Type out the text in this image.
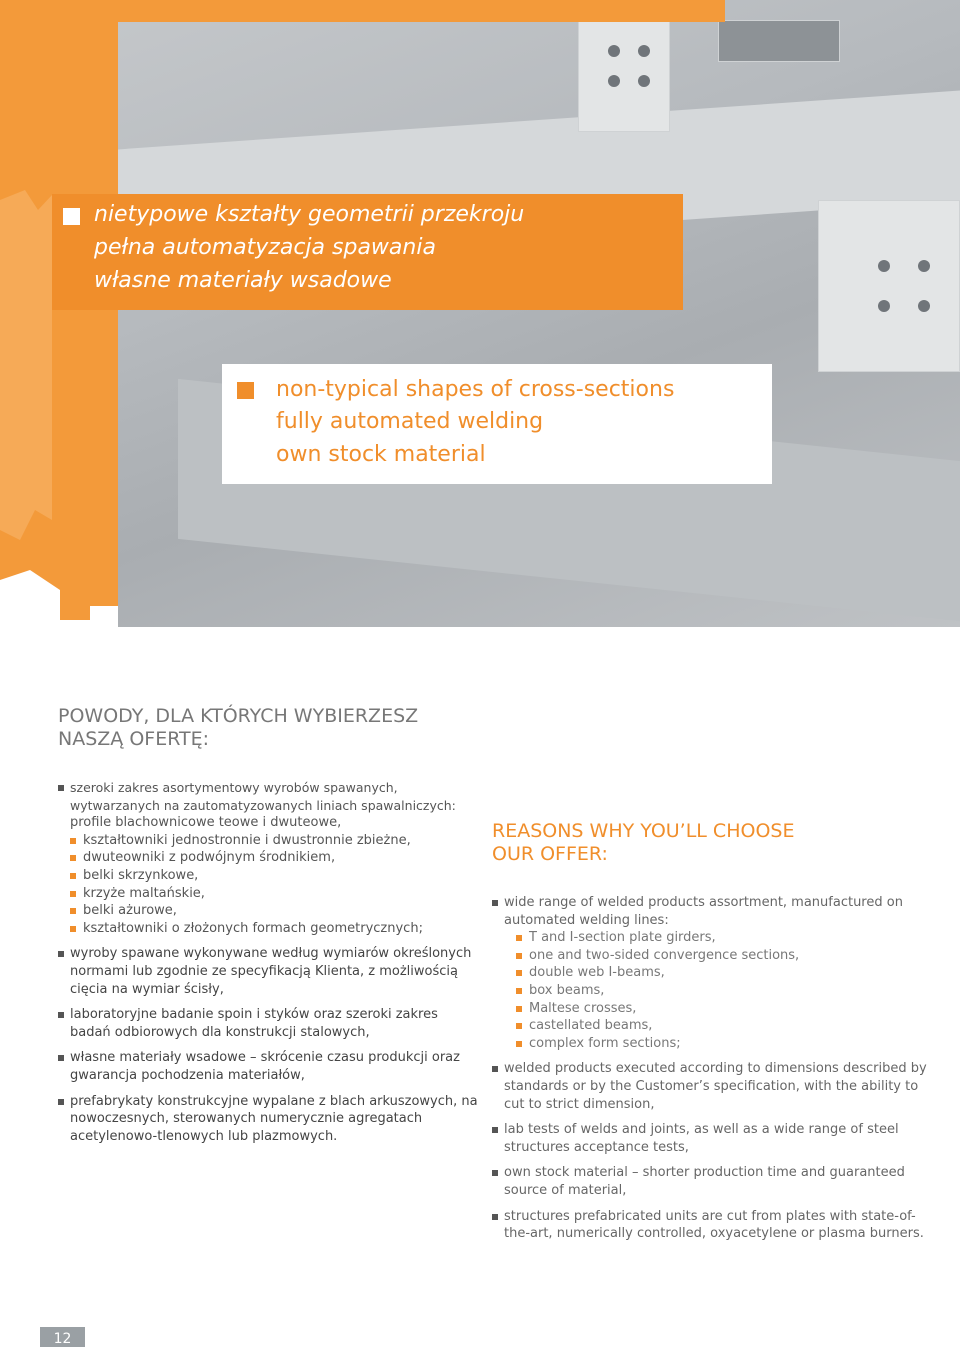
nietypowe kształty geometrii przekroju
pełna automatyzacja spawania
własne materiały wsadowe
non-typical shapes of cross-sections
fully automated welding
own stock material
POWODY, DLA KTÓRYCH WYBIERZESZ
NASZĄ OFERTĘ:
szeroki zakres asortymentowy wyrobów spawanych, wytwarzanych na zautomatyzowanych liniach spawalniczych:
profile blachownicowe teowe i dwuteowe,
kształtowniki jednostronnie i dwustronnie zbieżne,
dwuteowniki z podwójnym środnikiem,
belki skrzynkowe,
krzyże maltańskie,
belki ażurowe,
kształtowniki o złożonych formach geometrycznych;
wyroby spawane wykonywane według wymiarów określonych normami lub zgodnie ze specyfikacją Klienta, z możliwością cięcia na wymiar ścisły,
laboratoryjne badanie spoin i styków oraz szeroki zakres badań odbiorowych dla konstrukcji stalowych,
własne materiały wsadowe – skrócenie czasu produkcji oraz gwarancja pochodzenia materiałów,
prefabrykaty konstrukcyjne wypalane z blach arkuszowych, na nowoczesnych, sterowanych numerycznie agregatach acetylenowo-tlenowych lub plazmowych.
REASONS WHY YOU’LL CHOOSE
OUR OFFER:
wide range of welded products assortment, manufactured on automated welding lines:
T and I-section plate girders,
one and two-sided convergence sections,
double web I-beams,
box beams,
Maltese crosses,
castellated beams,
complex form sections;
welded products executed according to dimensions described by standards or by the Customer’s specification, with the ability to cut to strict dimension,
lab tests of welds and joints, as well as a wide range of steel structures acceptance tests,
own stock material – shorter production time and guaranteed source of material,
structures prefabricated units are cut from plates with state-of-the-art, numerically controlled, oxyacetylene or plasma burners.
12
